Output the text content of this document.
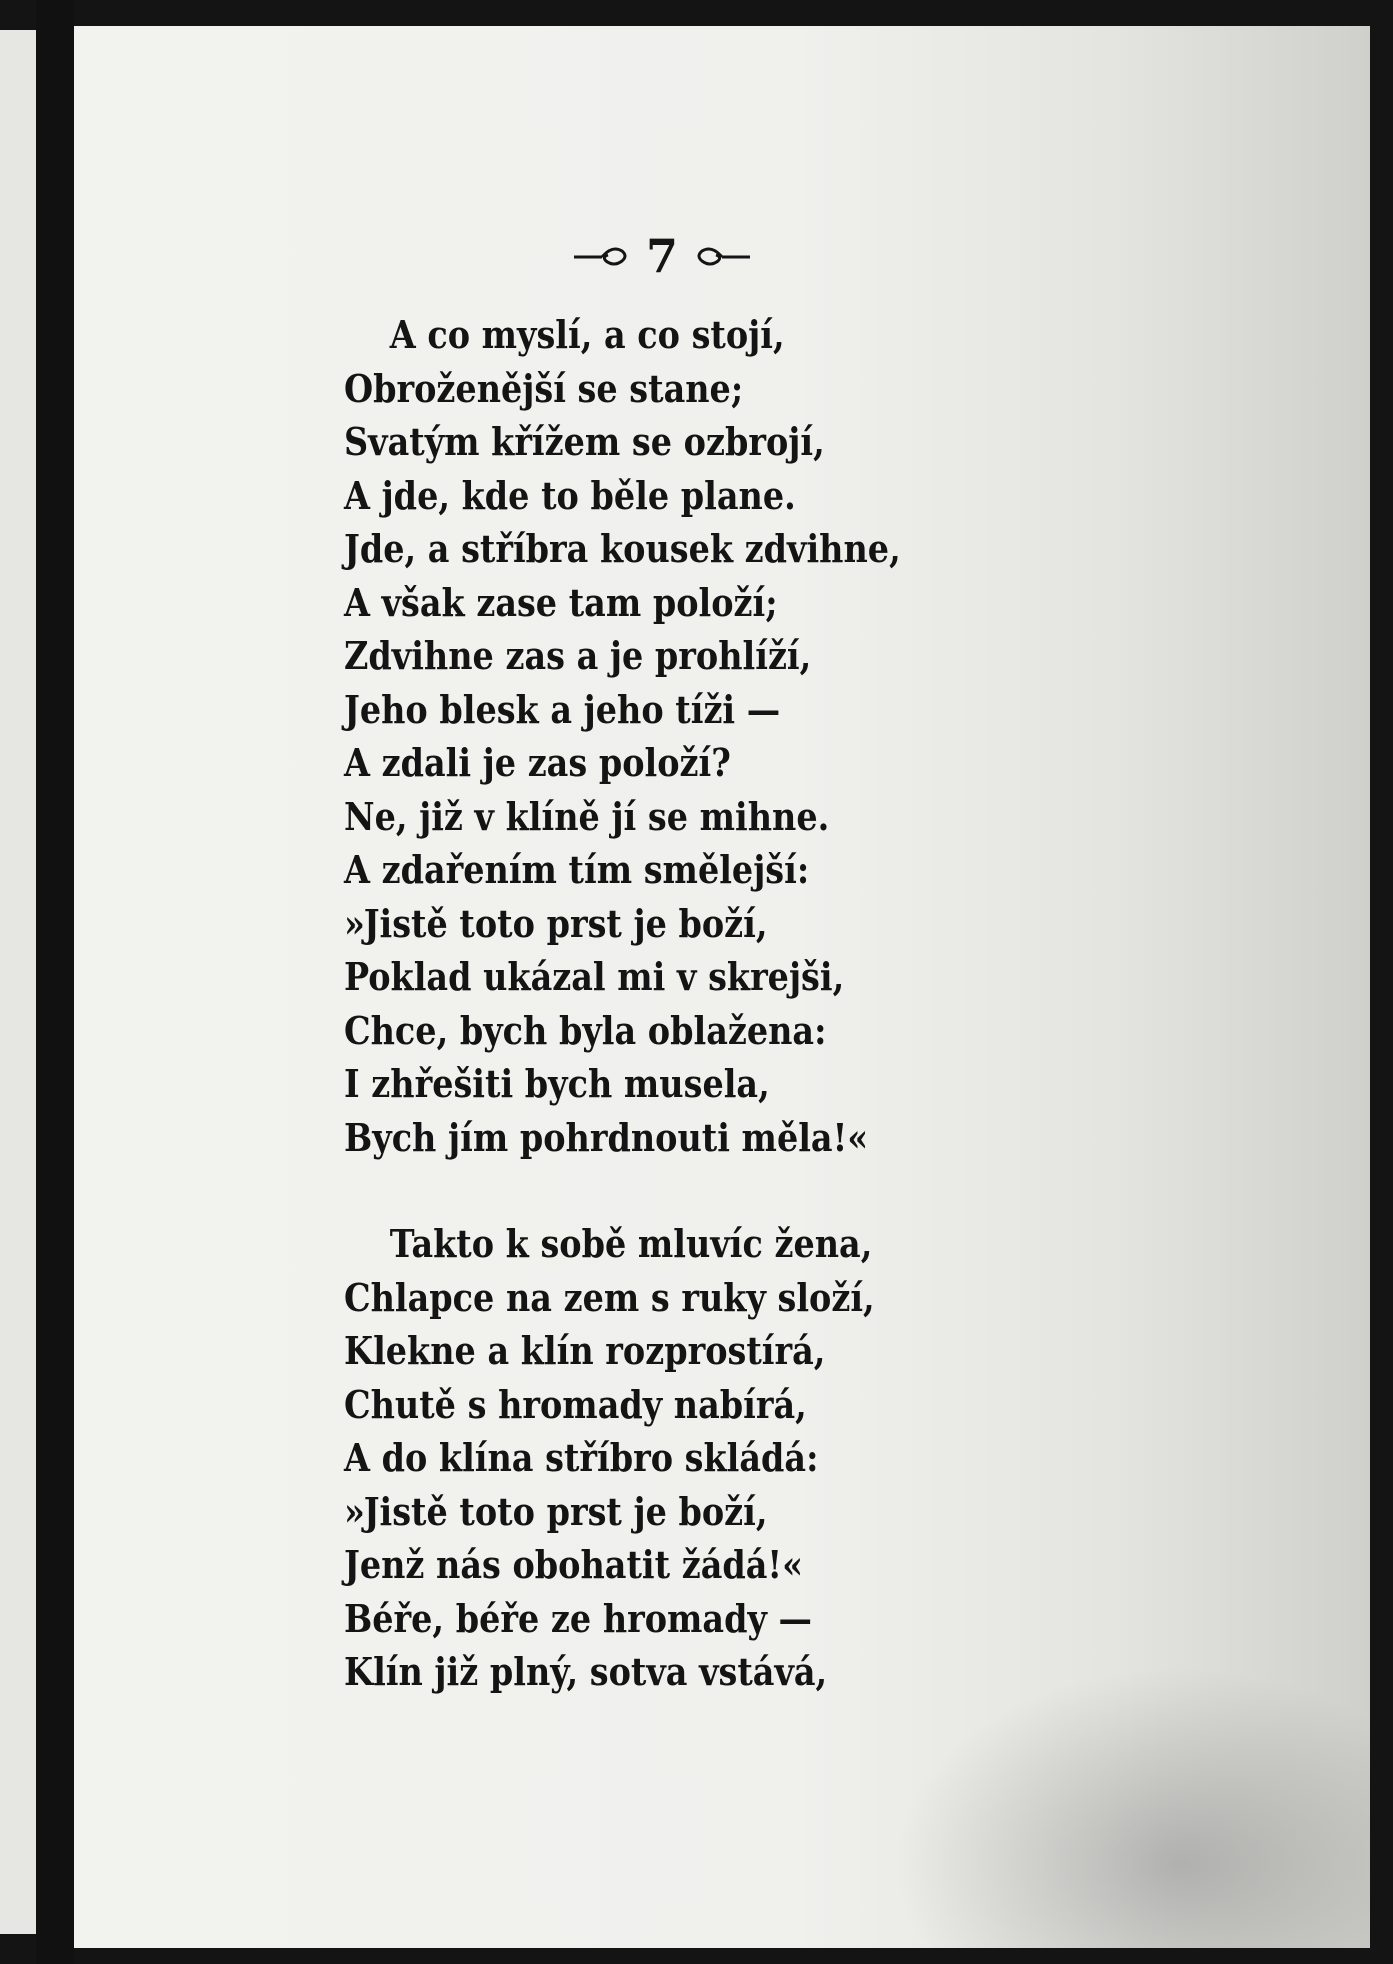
7
A co myslí, a co stojí,
Obroženější se stane;
Svatým křížem se ozbrojí,
A jde, kde to běle plane.
Jde, a stříbra kousek zdvihne,
A však zase tam položí;
Zdvihne zas a je prohlíží,
Jeho blesk a jeho tíži —
A zdali je zas položí?
Ne, již v klíně jí se mihne.
A zdařením tím smělejší:
»Jistě toto prst je boží,
Poklad ukázal mi v skrejši,
Chce, bych byla oblažena:
I zhřešiti bych musela,
Bych jím pohrdnouti měla!«
Takto k sobě mluvíc žena,
Chlapce na zem s ruky složí,
Klekne a klín rozprostírá,
Chutě s hromady nabírá,
A do klína stříbro skládá:
»Jistě toto prst je boží,
Jenž nás obohatit žádá!«
Béře, béře ze hromady —
Klín již plný, sotva vstává,
